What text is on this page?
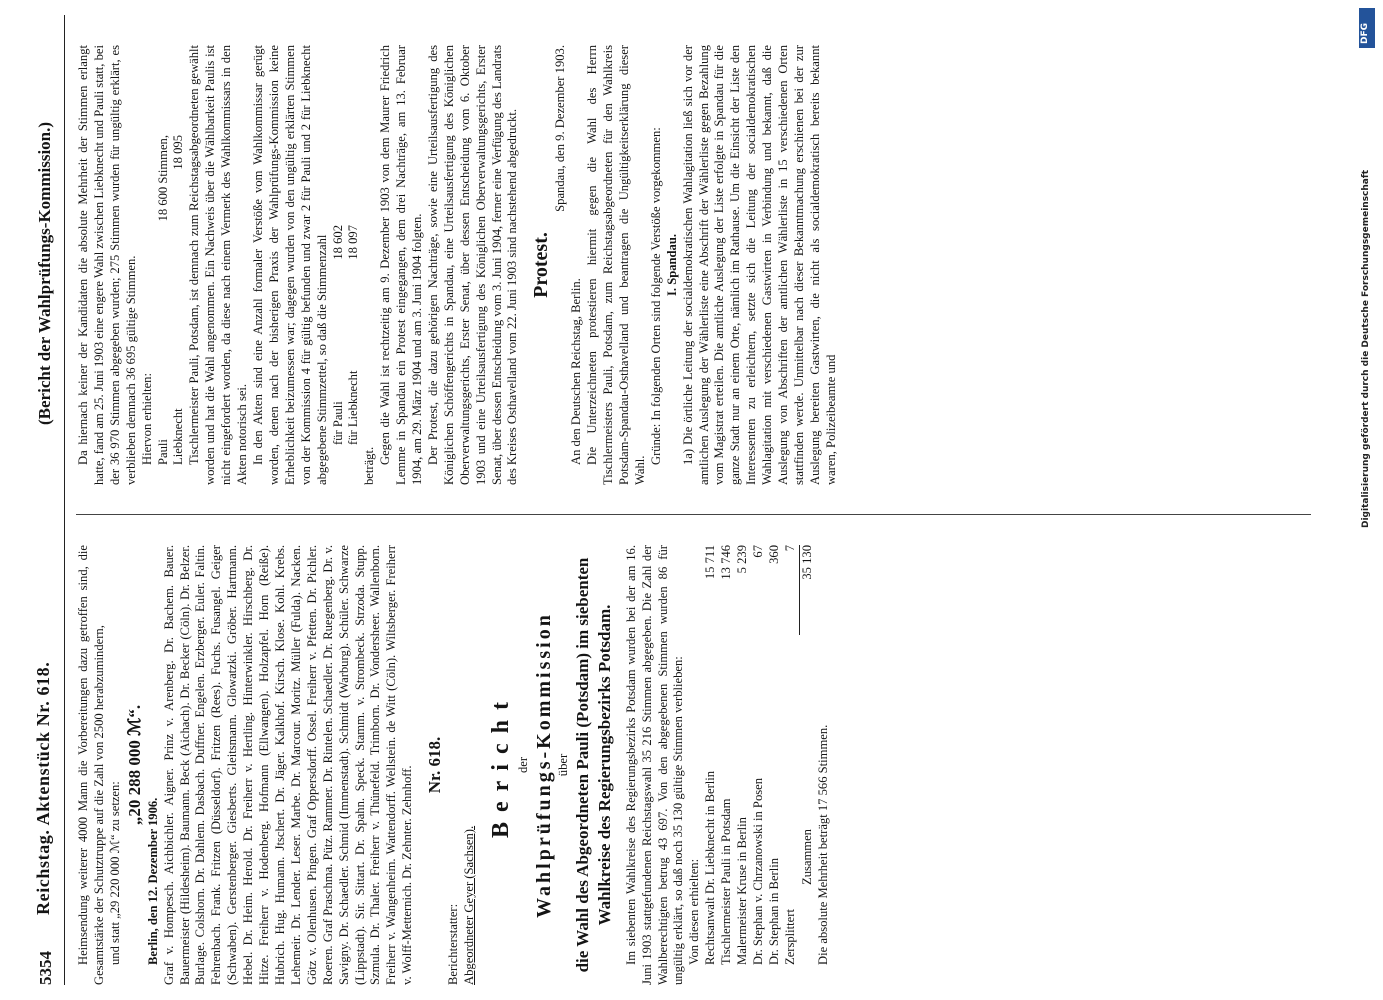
5354
Reichstag. Aktenstück Nr. 618.
(Bericht der Wahlprüfungs-Kommission.)

Heimsendung weiterer 4000 Mann die Vorbereitungen dazu getroffen sind, die Gesamtstärke der Schutztruppe auf die Zahl von 2500 herabzumindern, und statt „29 220 000 ℳ“ zu setzen:

„20 288 000 ℳ“.

Berlin, den 12. Dezember 1906. Graf v. Hompesch. Aichbichler. Aigner. Prinz v. Arenberg. Dr. Bachem. Bauer. Bauermeister (Hildesheim). Baumann. Beck (Aichach). Dr. Becker (Cöln). Dr. Belzer. Burlage. Colshorn. Dr. Dahlem. Dasbach. Duffner. Engelen. Erzberger. Euler. Faltin. Fehrenbach. Frank. Fritzen (Düsseldorf). Fritzen (Rees). Fuchs. Fusangel. Geiger (Schwaben). Gerstenberger. Giesberts. Gleitsmann. Glowatzki. Gröber. Hartmann. Hebel. Dr. Heim. Herold. Dr. Freiherr v. Hertling. Hinterwinkler. Hirschberg. Dr. Hitze. Freiherr v. Hodenberg. Hofmann (Ellwangen). Holzapfel. Horn (Reiße). Hubrich. Hug. Humann. Jtschert. Dr. Jäger. Kalkhof. Kirsch. Klose. Kohl. Krebs. Lehemeir. Dr. Lender. Leser. Marbe. Dr. Marcour. Moritz. Müller (Fulda). Nacken. Götz v. Olenhusen. Pingen. Graf Oppersdorff. Ossel. Freiherr v. Pfetten. Dr. Pichler. Roeren. Graf Praschma. Pütz. Rammer. Dr. Rintelen. Schaedler. Dr. Ruegenberg. Dr. v. Savigny. Dr. Schaedler. Schmid (Immenstadt). Schmidt (Warburg). Schüler. Schwarze (Lippstadt). Sir. Sittart. Dr. Spahn. Speck. Stamm. v. Strombeck. Strzoda. Stupp. Szmula. Dr. Thaler. Freiherr v. Thünefeld. Trimborn. Dr. Vondersheer. Wallenborn. Freiherr v. Wangenheim. Wattendorff. Wellstein. de Witt (Cöln). Wiltsberger. Freiherr v. Wolff-Metternich. Dr. Zehnter. Zehnhoff.

Nr. 618.

Berichterstatter: Abgeordneter Geyer (Sachsen).

Bericht der Wahlprüfungs-Kommission über die Wahl des Abgeordneten Pauli (Potsdam) im siebenten Wahlkreise des Regierungsbezirks Potsdam. Im siebenten Wahlkreise des Regierungsbezirks Potsdam wurden bei der am 16. Juni 1903 stattgefundenen Reichstagswahl 35 216 Stimmen abgegeben. Die Zahl der Wahlberechtigten betrug 43 697. Von den abgegebenen Stimmen wurden 86 für ungültig erklärt, so daß noch 35 130 gültige Stimmen verblieben: Von diesen erhielten: Rechtsanwalt Dr. Liebknecht in Berlin
15 711
Tischlermeister Pauli in Potsdam
13 746
Malermeister Kruse in Berlin
5 239
Dr. Stephan v. Chrzanowski in Posen
67
Dr. Stephan in Berlin
360
Zersplittert
7
Zusammen
35 130

Die absolute Mehrheit beträgt 17 566 Stimmen.

Da hiernach keiner der Kandidaten die absolute Mehrheit der Stimmen erlangt hatte, fand am 25. Juni 1903 eine engere Wahl zwischen Liebknecht und Pauli statt, bei der 36 970 Stimmen abgegeben wurden; 275 Stimmen wurden für ungültig erklärt, es verblieben demnach 36 695 gültige Stimmen. Hiervon erhielten: Pauli
18 600 Stimmen,
Liebknecht
18 095 Tischlermeister Pauli, Potsdam, ist demnach zum Reichstagsabgeordneten gewählt worden und hat die Wahl angenommen. Ein Nachweis über die Wählbarkeit Paulis ist nicht eingefordert worden, da diese nach einem Vermerk des Wahlkommissars in den Akten notorisch sei. In den Akten sind eine Anzahl formaler Verstöße vom Wahlkommissar gerügt worden, denen nach der bisherigen Praxis der Wahlprüfungs-Kommission keine Erheblichkeit beizumessen war; dagegen wurden von den ungültig erklärten Stimmen von der Kommission 4 für gültig befunden und zwar 2 für Pauli und 2 für Liebknecht abgegebene Stimmzettel, so daß die Stimmenzahl für Pauli
18 602
für Liebknecht
18 097

beträgt.

Gegen die Wahl ist rechtzeitig am 9. Dezember 1903 von dem Maurer Friedrich Lemme in Spandau ein Protest eingegangen, dem drei Nachträge, am 13. Februar 1904, am 29. März 1904 und am 3. Juni 1904 folgten. Der Protest, die dazu gehörigen Nachträge, sowie eine Urteilsausfertigung des Königlichen Schöffengerichts in Spandau, eine Urteilsausfertigung des Königlichen Oberverwaltungsgerichts, Erster Senat, über dessen Entscheidung vom 6. Oktober 1903 und eine Urteilsausfertigung des Königlichen Oberverwaltungsgerichts, Erster Senat, über dessen Entscheidung vom 3. Juni 1904, ferner eine Verfügung des Landrats des Kreises Osthavelland vom 22. Juni 1903 sind nachstehend abgedruckt. Protest.

Spandau, den 9. Dezember 1903.

An den Deutschen Reichstag, Berlin. Die Unterzeichneten protestieren hiermit gegen die Wahl des Herrn Tischlermeisters Pauli, Potsdam, zum Reichstagsabgeordneten für den Wahlkreis Potsdam-Spandau-Osthavelland und beantragen die Ungültigkeitserklärung dieser Wahl.

Gründe: In folgenden Orten sind folgende Verstöße vorgekommen: I. Spandau. 1a) Die örtliche Leitung der socialdemokratischen Wahlagitation ließ sich vor der amtlichen Auslegung der Wählerliste eine Abschrift der Wählerliste gegen Bezahlung vom Magistrat erteilen. Die amtliche Auslegung der Liste erfolgte in Spandau für die ganze Stadt nur an einem Orte, nämlich im Rathause. Um die Einsicht der Liste den Interessenten zu erleichtern, setzte sich die Leitung der socialdemokratischen Wahlagitation mit verschiedenen Gastwirten in Verbindung und bekannt, daß die Auslegung von Abschriften der amtlichen Wählerliste in 15 verschiedenen Orten stattfinden werde. Unmittelbar nach dieser Bekanntmachung erschienen bei der zur Auslegung bereiten Gastwirten, die nicht als socialdemokratisch bereits bekannt waren, Polizeibeamte und

DFG
Digitalisierung gefördert durch die Deutsche Forschungsgemeinschaft
